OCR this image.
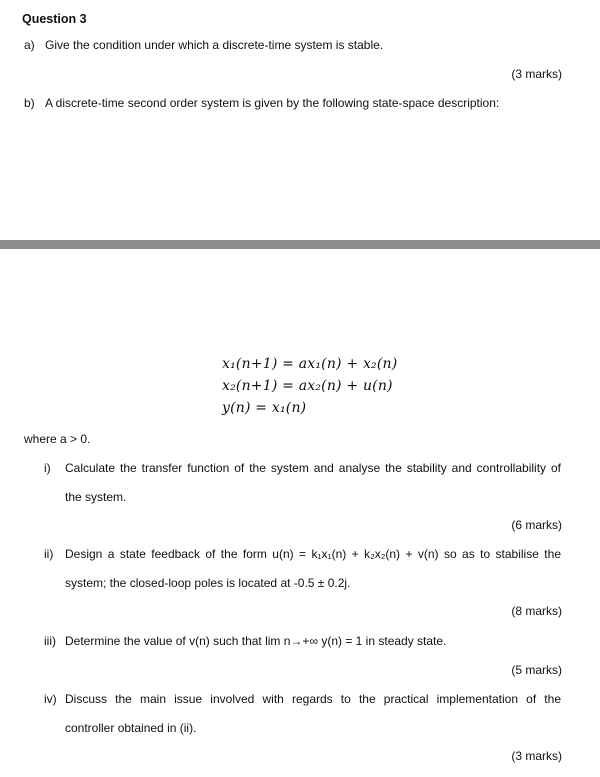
Question 3
a) Give the condition under which a discrete-time system is stable.
(3 marks)
b) A discrete-time second order system is given by the following state-space description:
x₁(n+1) = ax₁(n) + x₂(n)
x₂(n+1) = ax₂(n) + u(n)
y(n) = x₁(n)
where a > 0.
i) Calculate the transfer function of the system and analyse the stability and controllability of
the system.
(6 marks)
ii) Design a state feedback of the form u(n) = k₁x₁(n) + k₂x₂(n) + v(n) so as to stabilise the
system; the closed-loop poles is located at -0.5 ± 0.2j.
(8 marks)
iii) Determine the value of v(n) such that lim n→+∞ y(n) = 1 in steady state.
(5 marks)
iv) Discuss the main issue involved with regards to the practical implementation of the
controller obtained in (ii).
(3 marks)
